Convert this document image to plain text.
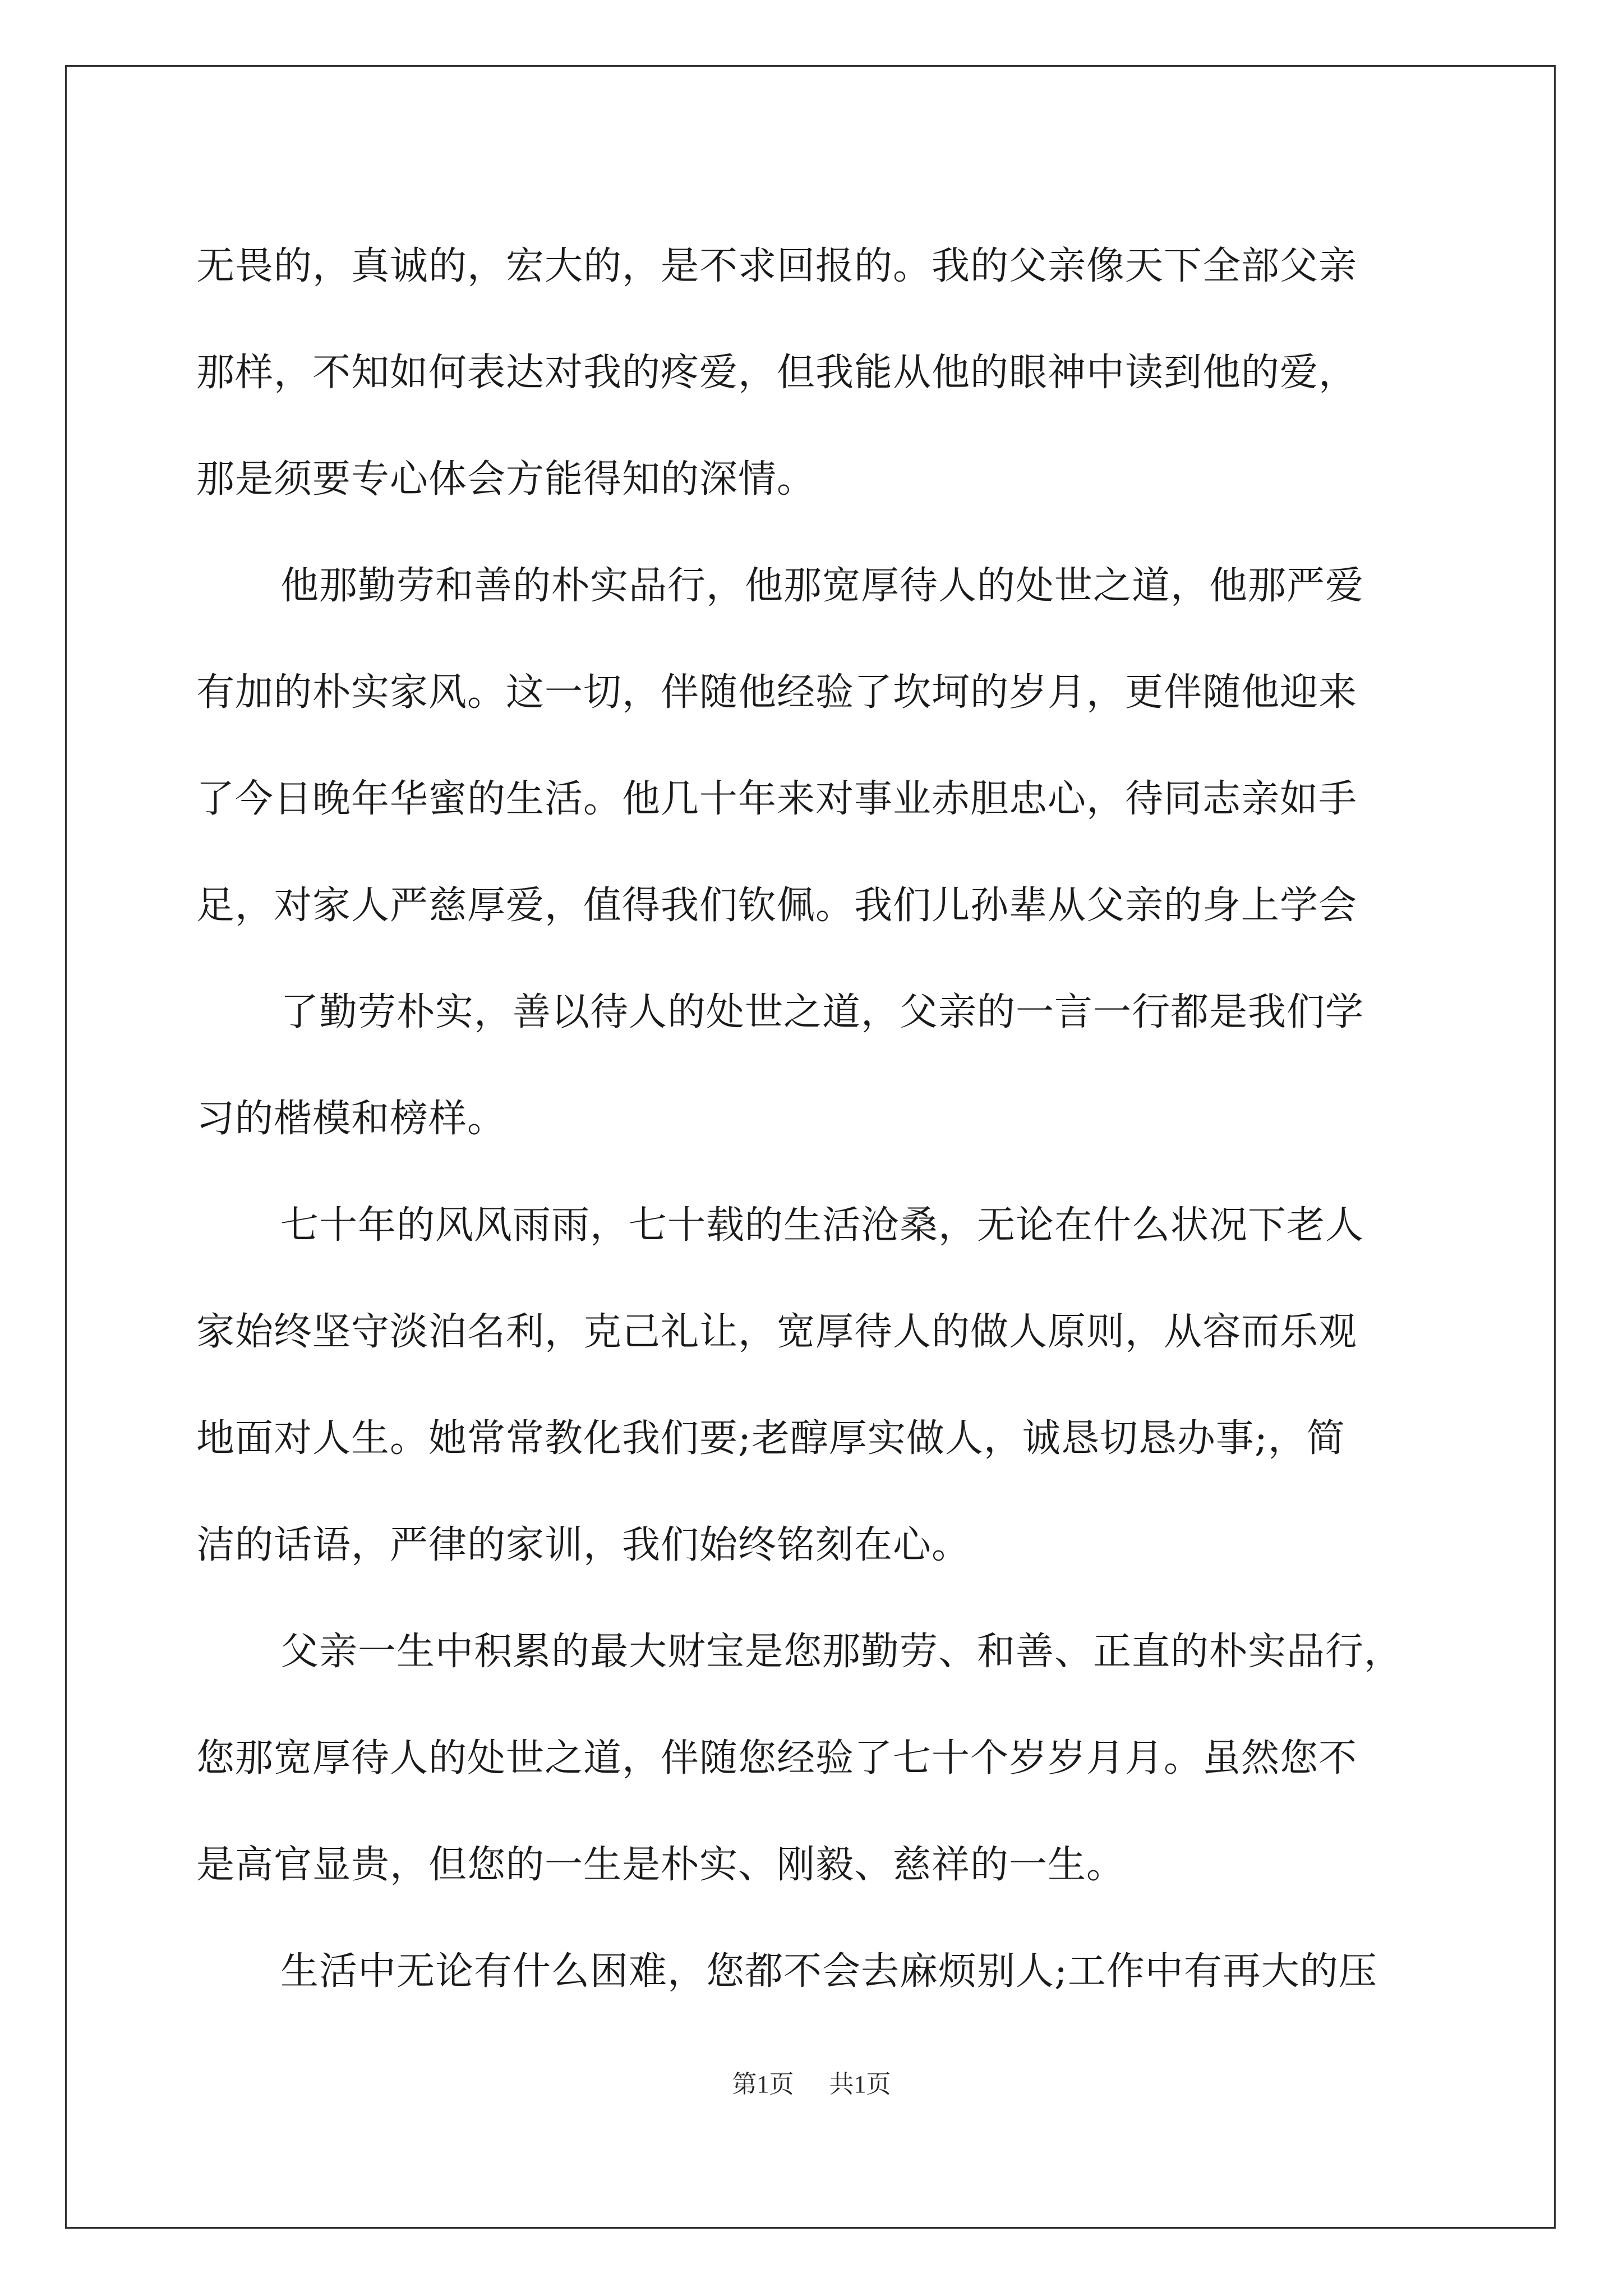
无畏的，真诚的，宏大的，是不求回报的。我的父亲像天下全部父亲
那样，不知如何表达对我的疼爱，但我能从他的眼神中读到他的爱，
那是须要专心体会方能得知的深情。
他那勤劳和善的朴实品行，他那宽厚待人的处世之道，他那严爱
有加的朴实家风。这一切，伴随他经验了坎坷的岁月，更伴随他迎来
了今日晚年华蜜的生活。他几十年来对事业赤胆忠心，待同志亲如手
足，对家人严慈厚爱，值得我们钦佩。我们儿孙辈从父亲的身上学会
了勤劳朴实，善以待人的处世之道，父亲的一言一行都是我们学
习的楷模和榜样。
七十年的风风雨雨，七十载的生活沧桑，无论在什么状况下老人
家始终坚守淡泊名利，克己礼让，宽厚待人的做人原则，从容而乐观
地面对人生。她常常教化我们要;老醇厚实做人，诚恳切恳办事;，简
洁的话语，严律的家训，我们始终铭刻在心。
父亲一生中积累的最大财宝是您那勤劳、和善、正直的朴实品行，
您那宽厚待人的处世之道，伴随您经验了七十个岁岁月月。虽然您不
是高官显贵，但您的一生是朴实、刚毅、慈祥的一生。
生活中无论有什么困难，您都不会去麻烦别人;工作中有再大的压
第1页 共1页
